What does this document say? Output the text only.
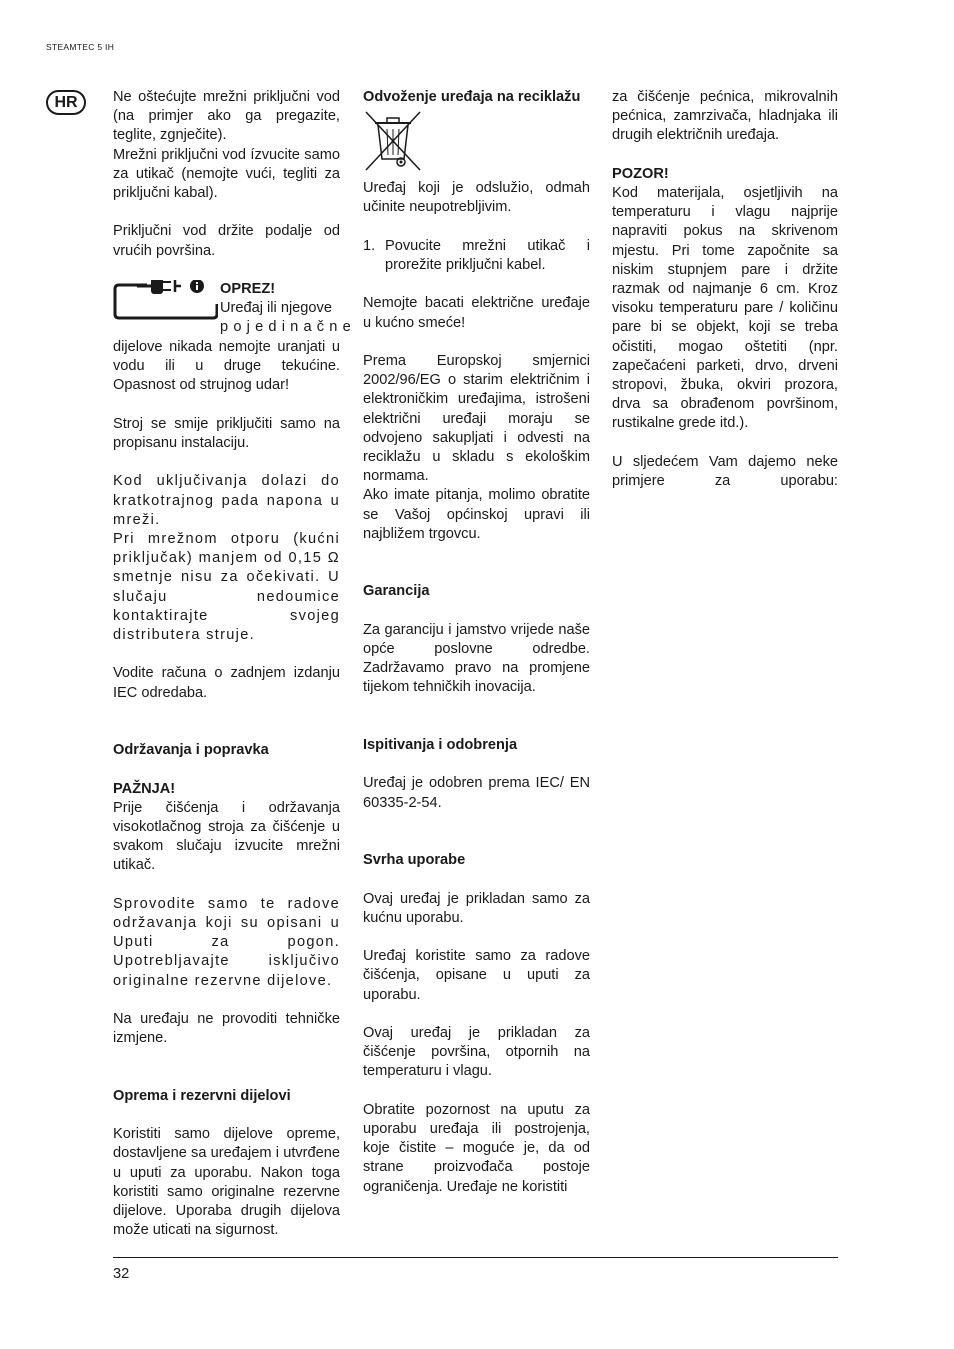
STEAMTEC 5 IH
HR	Ne oštećujte mrežni priključni vod (na primjer ako ga pregazite, teglite, zgnječite).

Mrežni priključni vod ízvucite samo za utikač (nemojte vući, tegliti za priključni kabal).

Priključni vod držite podalje od vrućih površina.

OPREZ!
Uređaj ili njegove
pojedinačne

dijelove nikada nemojte uranjati u vodu ili u druge tekućine. Opasnost od strujnog udar!

Stroj se smije priključiti samo na propisanu instalaciju.

Kod uključivanja dolazi do kratkotrajnog pada napona u mreži.

Pri mrežnom otporu (kućni priključak) manjem od 0,15 Ω smetnje nisu za očekivati. U slučaju nedoumice kontaktirajte svojeg distributera struje.

Vodite računa o zadnjem izdanju IEC odredaba.

Održavanja i popravka

PAŽNJA!

Prije čišćenja i održavanja visokotlačnog stroja za čišćenje u svakom slučaju izvucite mrežni utikač.

Sprovodite samo te radove održavanja koji su opisani u Uputi za pogon. Upotrebljavajte isključivo originalne rezervne dijelove.

Na uređaju ne provoditi tehničke izmjene.

Oprema i rezervni dijelovi

Koristiti samo dijelove opreme, dostavljene sa uređajem i utvrđene u uputi za uporabu. Nakon toga koristiti samo originalne rezervne dijelove. Uporaba drugih dijelova može uticati na sigurnost.

Odvoženje uređaja na reciklažu

Uređaj koji je odslužio, odmah učinite neupotrebljivim.

1. Povucite mrežni utikač i prorežite priključni kabel.

Nemojte bacati električne uređaje u kućno smeće!

Prema Europskoj smjernici 2002/96/EG o starim električnim i elektroničkim uređajima, istrošeni električni uređaji moraju se odvojeno sakupljati i odvesti na reciklažu u skladu s ekološkim normama.

Ako imate pitanja, molimo obratite se Vašoj općinskoj upravi ili najbližem trgovcu.

Garancija

Za garanciju i jamstvo vrijede naše opće poslovne odredbe. Zadržavamo pravo na promjene tijekom tehničkih inovacija.

Ispitivanja i odobrenja

Uređaj je odobren prema IEC/ EN 60335-2-54.

Svrha uporabe

Ovaj uređaj je prikladan samo za kućnu uporabu.

Uređaj koristite samo za radove čišćenja, opisane u uputi za uporabu.

Ovaj uređaj je prikladan za čišćenje površina, otpornih na temperaturu i vlagu.

Obratite pozornost na uputu za uporabu uređaja ili postrojenja, koje čistite – moguće je, da od strane proizvođača postoje ograničenja. Uređaje ne koristiti

za čišćenje pećnica, mikrovalnih pećnica, zamrzivača, hladnjaka ili drugih električnih uređaja.

POZOR!

Kod materijala, osjetljivih na temperaturu i vlagu najprije napraviti pokus na skrivenom mjestu. Pri tome započnite sa niskim stupnjem pare i držite razmak od najmanje 6 cm. Kroz visoku temperaturu pare / količinu pare bi se objekt, koji se treba očistiti, mogao oštetiti (npr. zapečaćeni parketi, drvo, drveni stropovi, žbuka, okviri prozora, drva sa obrađenom površinom, rustikalne grede itd.).

U sljedećem Vam dajemo neke primjere za uporabu:

32
